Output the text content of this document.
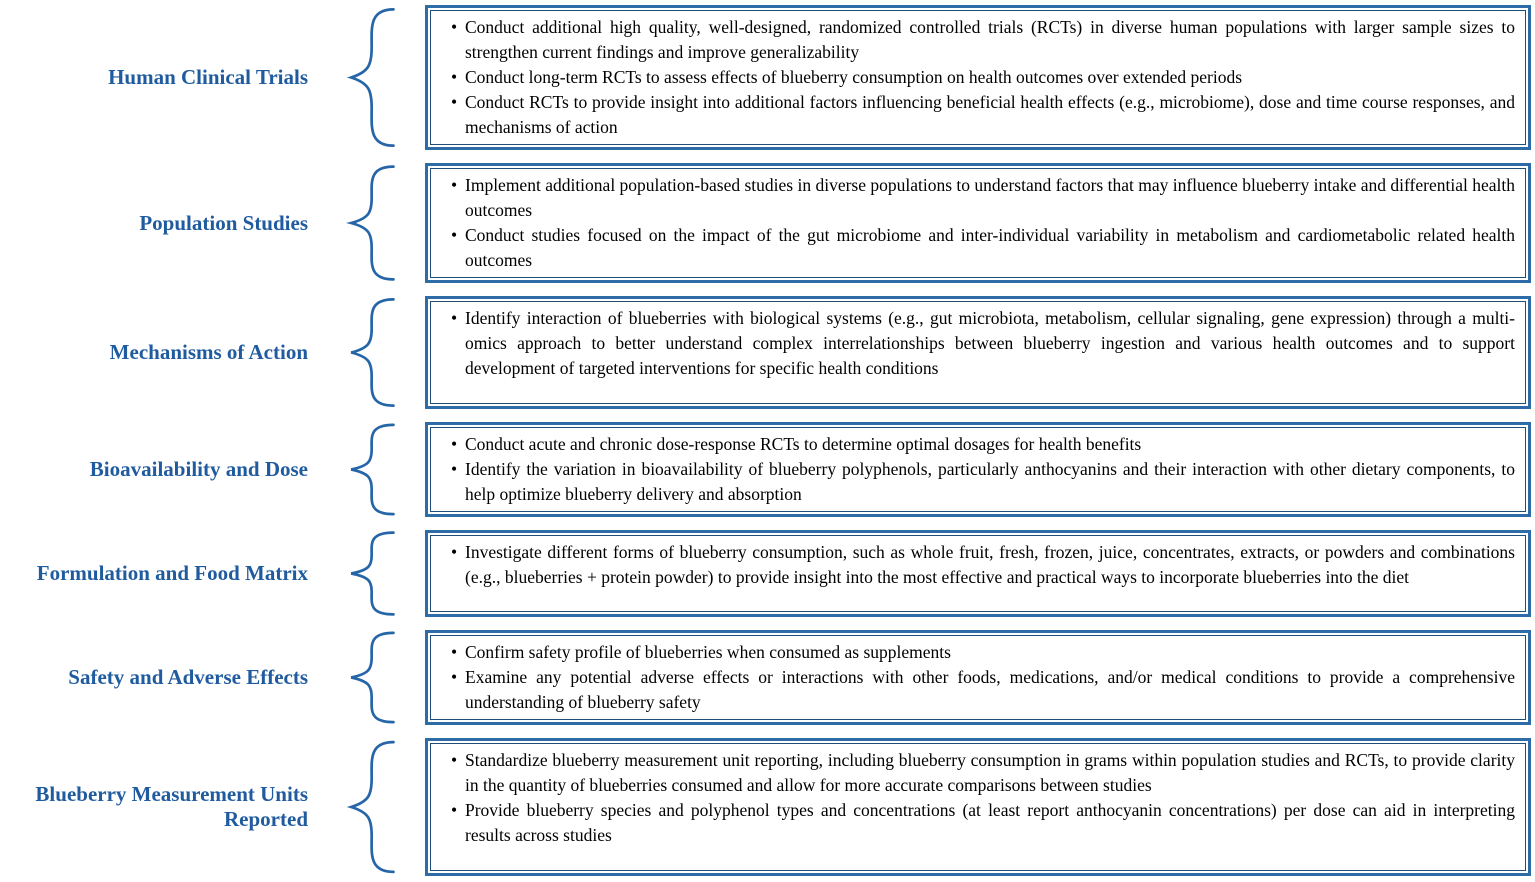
Human Clinical Trials
• Conduct additional high quality, well-designed, randomized controlled trials (RCTs) in diverse human populations with larger sample sizes to strengthen current findings and improve generalizability
• Conduct long-term RCTs to assess effects of blueberry consumption on health outcomes over extended periods
• Conduct RCTs to provide insight into additional factors influencing beneficial health effects (e.g., microbiome), dose and time course responses, and mechanisms of action
Population Studies
• Implement additional population-based studies in diverse populations to understand factors that may influence blueberry intake and differential health outcomes
• Conduct studies focused on the impact of the gut microbiome and inter-individual variability in metabolism and cardiometabolic related health outcomes
Mechanisms of Action
• Identify interaction of blueberries with biological systems (e.g., gut microbiota, metabolism, cellular signaling, gene expression) through a multi-omics approach to better understand complex interrelationships between blueberry ingestion and various health outcomes and to support development of targeted interventions for specific health conditions
Bioavailability and Dose
• Conduct acute and chronic dose-response RCTs to determine optimal dosages for health benefits
• Identify the variation in bioavailability of blueberry polyphenols, particularly anthocyanins and their interaction with other dietary components, to help optimize blueberry delivery and absorption
Formulation and Food Matrix
• Investigate different forms of blueberry consumption, such as whole fruit, fresh, frozen, juice, concentrates, extracts, or powders and combinations (e.g., blueberries + protein powder) to provide insight into the most effective and practical ways to incorporate blueberries into the diet
Safety and Adverse Effects
• Confirm safety profile of blueberries when consumed as supplements
• Examine any potential adverse effects or interactions with other foods, medications, and/or medical conditions to provide a comprehensive understanding of blueberry safety
Blueberry Measurement Units Reported
• Standardize blueberry measurement unit reporting, including blueberry consumption in grams within population studies and RCTs, to provide clarity in the quantity of blueberries consumed and allow for more accurate comparisons between studies
• Provide blueberry species and polyphenol types and concentrations (at least report anthocyanin concentrations) per dose can aid in interpreting results across studies
